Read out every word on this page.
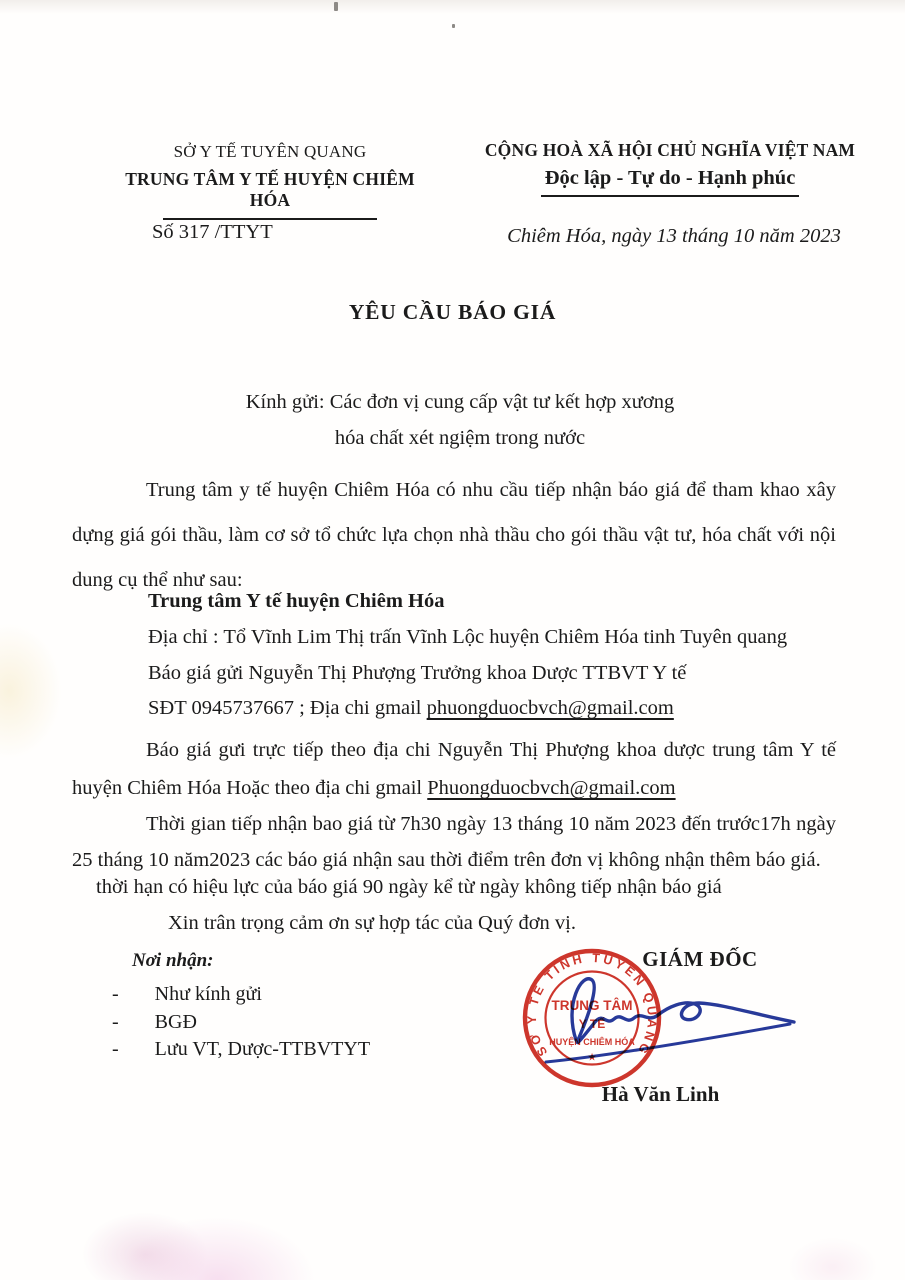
SỞ Y TẾ TUYÊN QUANG
TRUNG TÂM Y TẾ HUYỆN CHIÊM HÓA
Số 317 /TTYT
CỘNG HOÀ XÃ HỘI CHỦ NGHĨA VIỆT NAM
Độc lập - Tự do - Hạnh phúc
Chiêm Hóa, ngày 13 tháng 10 năm 2023
YÊU CẦU BÁO GIÁ
Kính gửi: Các đơn vị cung cấp vật tư kết hợp xương
hóa chất xét ngiệm trong nước
Trung tâm y tế huyện Chiêm Hóa có nhu cầu tiếp nhận báo giá để tham khao xây dựng giá gói thầu, làm cơ sở tổ chức lựa chọn nhà thầu cho gói thầu vật tư, hóa chất với nội dung cụ thể như sau:
Trung tâm Y tế huyện Chiêm Hóa
Địa chỉ : Tổ Vĩnh Lim Thị trấn Vĩnh Lộc huyện Chiêm Hóa tinh Tuyên quang
Báo giá gửi Nguyễn Thị Phượng Trưởng khoa Dược TTBVT Y tế
SĐT 0945737667 ; Địa chi gmail phuongduocbvch@gmail.com
Báo giá gưi trực tiếp theo địa chi Nguyễn Thị Phượng khoa dược trung tâm Y tế huyện Chiêm Hóa Hoặc theo địa chi gmail Phuongduocbvch@gmail.com
Thời gian tiếp nhận bao giá từ 7h30 ngày 13 tháng 10 năm 2023 đến trước17h ngày 25 tháng 10 năm2023 các báo giá nhận sau thời điểm trên đơn vị không nhận thêm báo giá.
thời hạn có hiệu lực của báo giá 90 ngày kể từ ngày không tiếp nhận báo giá
Xin trân trọng cảm ơn sự hợp tác của Quý đơn vị.
Nơi nhận:
- Như kính gửi
- BGĐ
- Lưu VT, Dược-TTBVTYT
GIÁM ĐỐC
SỞ Y TẾ TỈNH TUYÊN QUANG
TRUNG TÂM
Y TẾ
HUYỆN CHIÊM HÓA
★
Hà Văn Linh
